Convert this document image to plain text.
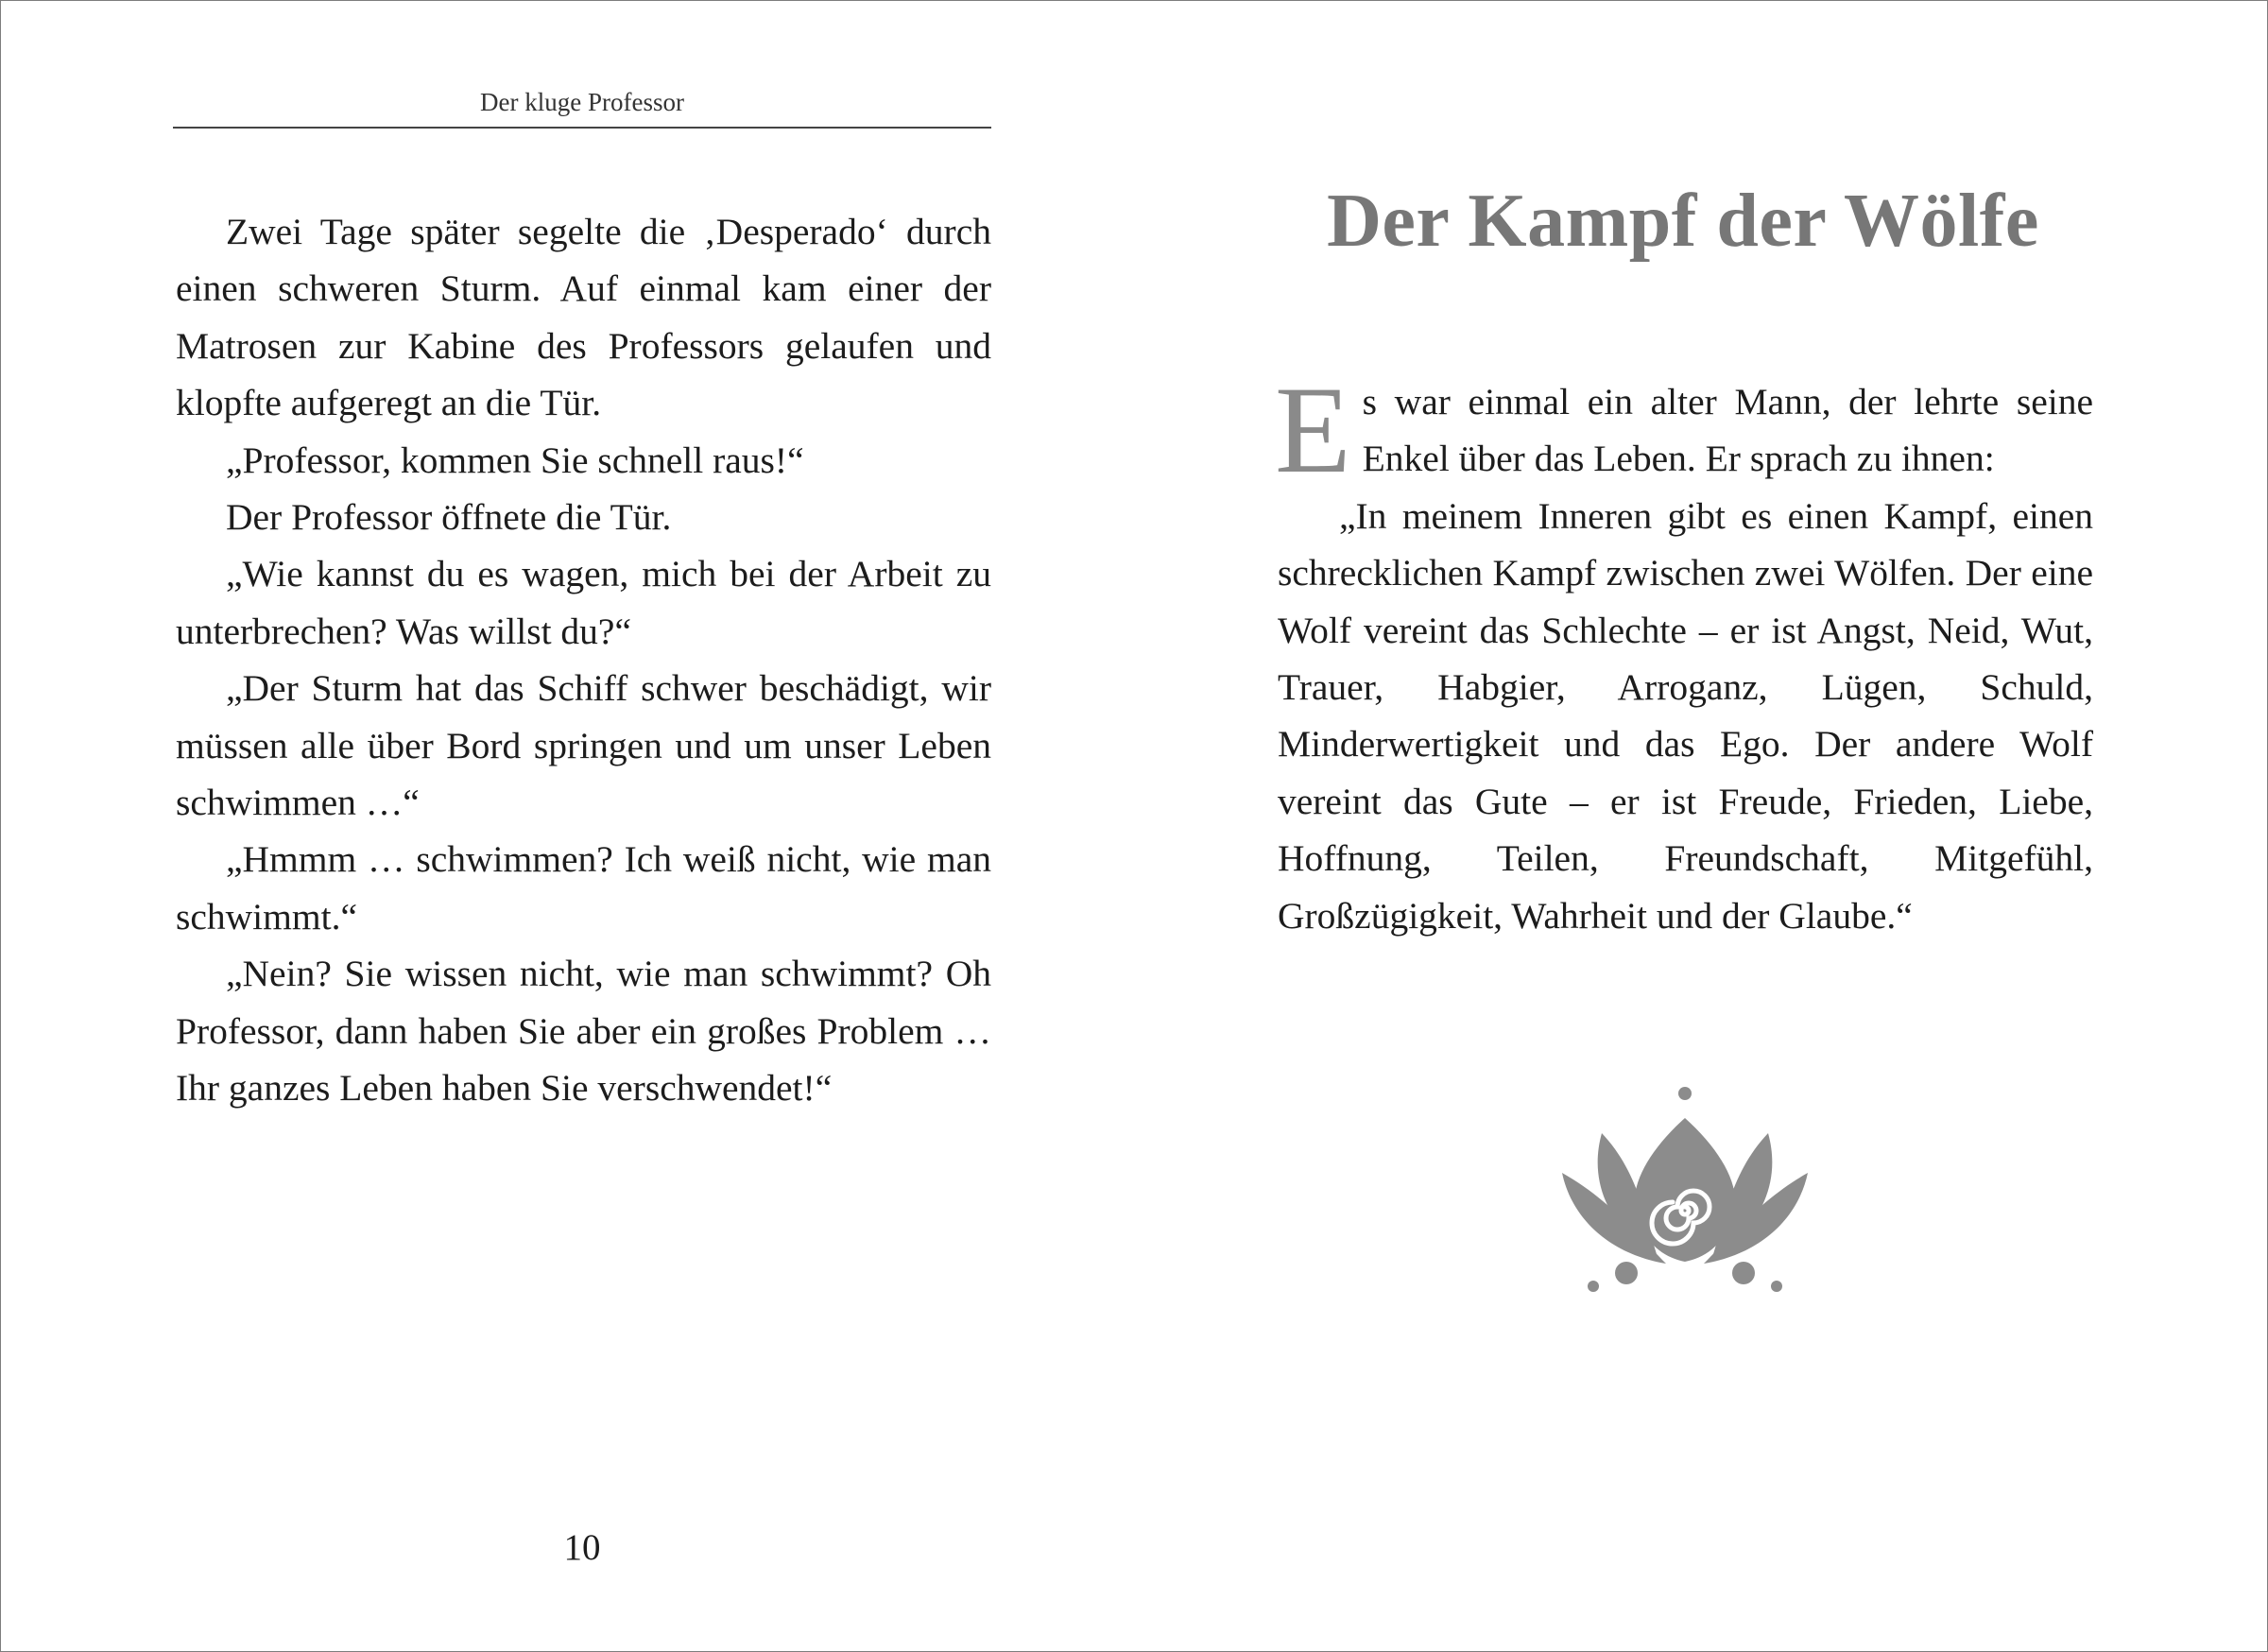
Der kluge Professor

Zwei Tage später segelte die ‚Desperado‘ durch einen schweren Sturm. Auf einmal kam einer der Matrosen zur Kabine des Professors gelaufen und klopfte aufgeregt an die Tür.

„Professor, kommen Sie schnell raus!“

Der Professor öffnete die Tür.

„Wie kannst du es wagen, mich bei der Arbeit zu unterbrechen? Was willst du?“

„Der Sturm hat das Schiff schwer beschädigt, wir müssen alle über Bord springen und um unser Leben schwimmen …“

„Hmmm … schwimmen? Ich weiß nicht, wie man schwimmt.“

„Nein? Sie wissen nicht, wie man schwimmt? Oh Professor, dann haben Sie aber ein großes Problem … Ihr ganzes Leben haben Sie verschwendet!“

10
Der Kampf der Wölfe

Es war einmal ein alter Mann, der lehrte seine Enkel über das Leben. Er sprach zu ihnen:

„In meinem Inneren gibt es einen Kampf, einen schrecklichen Kampf zwischen zwei Wölfen. Der eine Wolf vereint das Schlechte – er ist Angst, Neid, Wut, Trauer, Habgier, Arroganz, Lügen, Schuld, Minderwertigkeit und das Ego. Der andere Wolf vereint das Gute – er ist Freude, Frieden, Liebe, Hoffnung, Teilen, Freundschaft, Mitgefühl, Großzügigkeit, Wahrheit und der Glaube.“
